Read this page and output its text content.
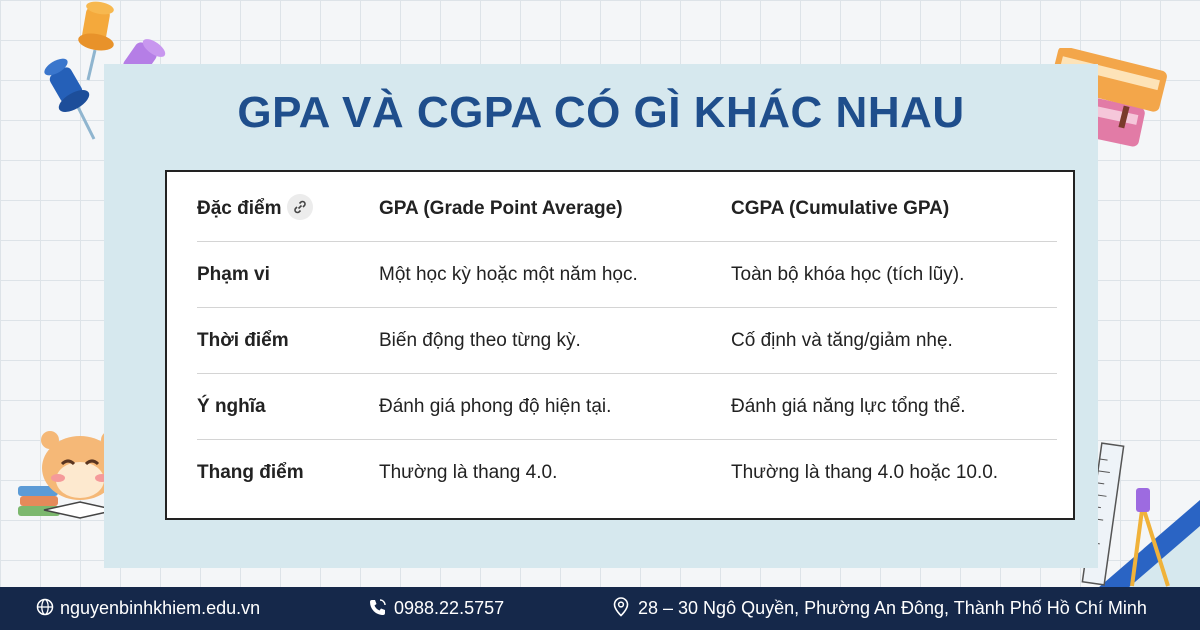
GPA VÀ CGPA CÓ GÌ KHÁC NHAU
Đặc điểm	GPA (Grade Point Average)	CGPA (Cumulative GPA)
Phạm vi	Một học kỳ hoặc một năm học.	Toàn bộ khóa học (tích lũy).
Thời điểm	Biến động theo từng kỳ.	Cố định và tăng/giảm nhẹ.
Ý nghĩa	Đánh giá phong độ hiện tại.	Đánh giá năng lực tổng thể.
Thang điểm	Thường là thang 4.0.	Thường là thang 4.0 hoặc 10.0.
nguyenbinhkhiem.edu.vn	0988.22.5757	28 – 30 Ngô Quyền, Phường An Đông, Thành Phố Hồ Chí Minh
